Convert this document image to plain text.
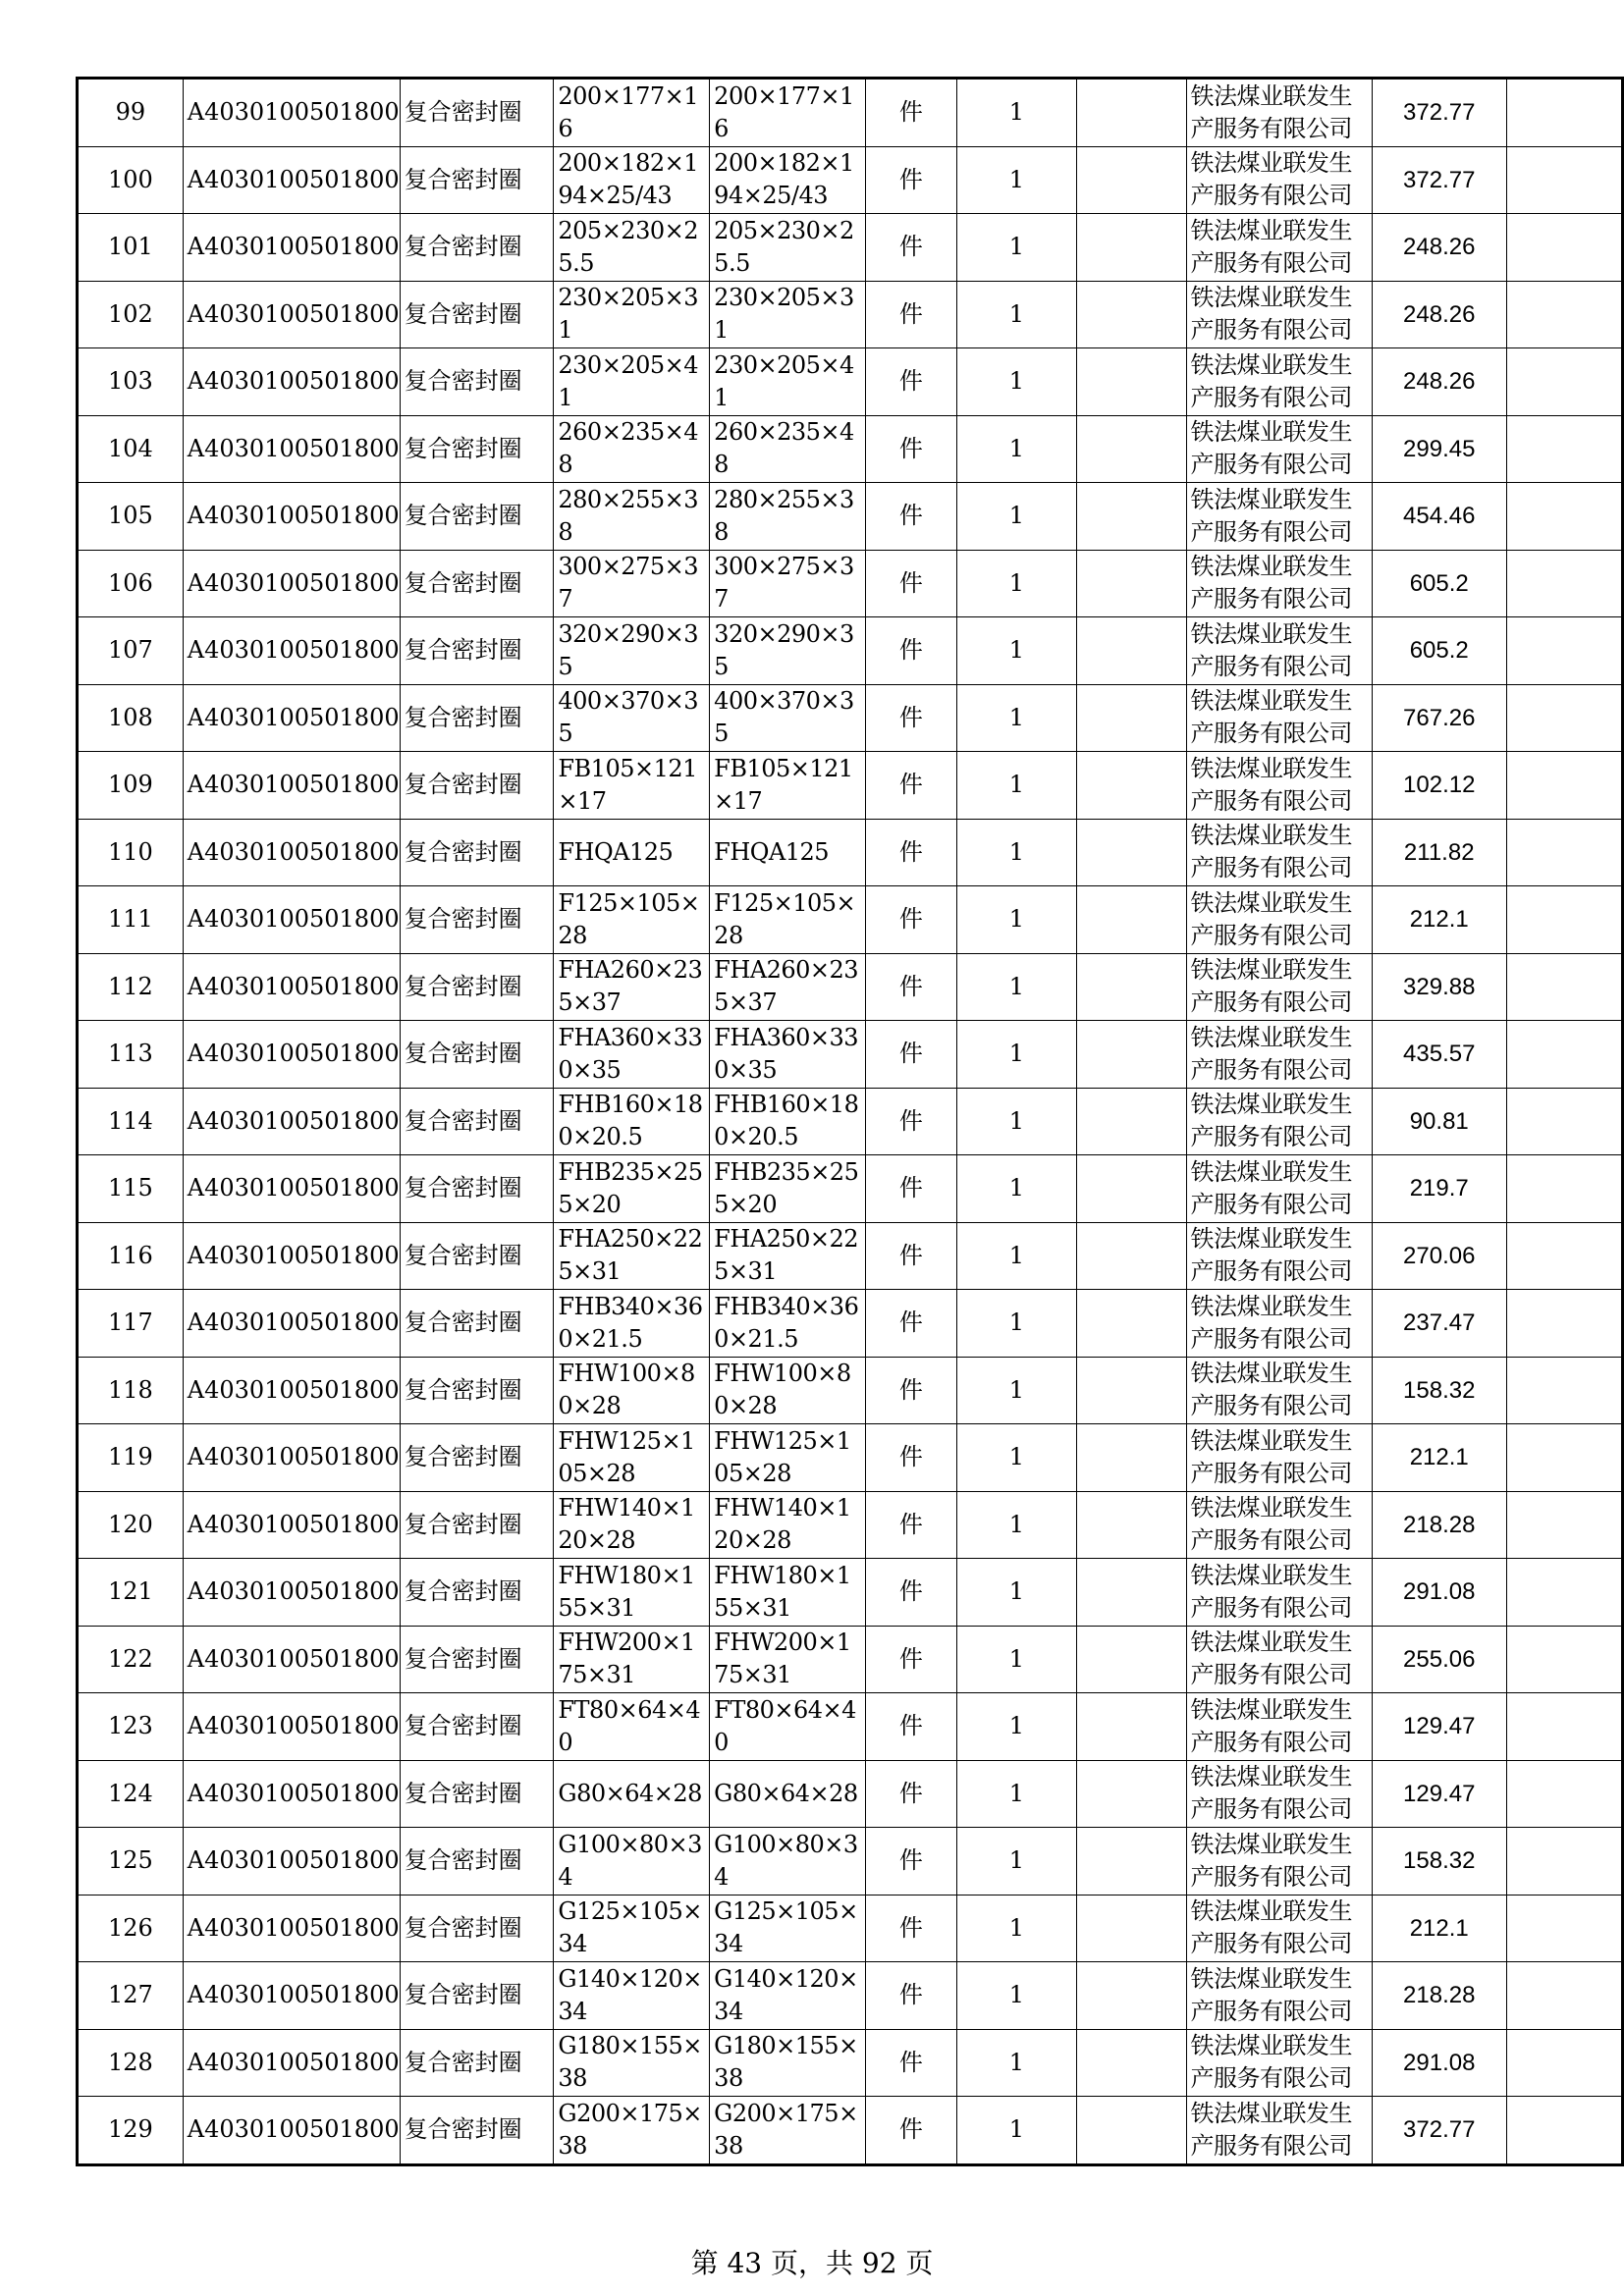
99	A4030100501800	复合密封圈	200×177×16	200×177×16	件	1		铁法煤业联发生产服务有限公司	372.77	
100	A4030100501800	复合密封圈	200×182×194×25/43	200×182×194×25/43	件	1		铁法煤业联发生产服务有限公司	372.77	
101	A4030100501800	复合密封圈	205×230×25.5	205×230×25.5	件	1		铁法煤业联发生产服务有限公司	248.26	
102	A4030100501800	复合密封圈	230×205×31	230×205×31	件	1		铁法煤业联发生产服务有限公司	248.26	
103	A4030100501800	复合密封圈	230×205×41	230×205×41	件	1		铁法煤业联发生产服务有限公司	248.26	
104	A4030100501800	复合密封圈	260×235×48	260×235×48	件	1		铁法煤业联发生产服务有限公司	299.45	
105	A4030100501800	复合密封圈	280×255×38	280×255×38	件	1		铁法煤业联发生产服务有限公司	454.46	
106	A4030100501800	复合密封圈	300×275×37	300×275×37	件	1		铁法煤业联发生产服务有限公司	605.2	
107	A4030100501800	复合密封圈	320×290×35	320×290×35	件	1		铁法煤业联发生产服务有限公司	605.2	
108	A4030100501800	复合密封圈	400×370×35	400×370×35	件	1		铁法煤业联发生产服务有限公司	767.26	
109	A4030100501800	复合密封圈	FB105×121×17	FB105×121×17	件	1		铁法煤业联发生产服务有限公司	102.12	
110	A4030100501800	复合密封圈	FHQA125	FHQA125	件	1		铁法煤业联发生产服务有限公司	211.82	
111	A4030100501800	复合密封圈	F125×105×28	F125×105×28	件	1		铁法煤业联发生产服务有限公司	212.1	
112	A4030100501800	复合密封圈	FHA260×235×37	FHA260×235×37	件	1		铁法煤业联发生产服务有限公司	329.88	
113	A4030100501800	复合密封圈	FHA360×330×35	FHA360×330×35	件	1		铁法煤业联发生产服务有限公司	435.57	
114	A4030100501800	复合密封圈	FHB160×180×20.5	FHB160×180×20.5	件	1		铁法煤业联发生产服务有限公司	90.81	
115	A4030100501800	复合密封圈	FHB235×255×20	FHB235×255×20	件	1		铁法煤业联发生产服务有限公司	219.7	
116	A4030100501800	复合密封圈	FHA250×225×31	FHA250×225×31	件	1		铁法煤业联发生产服务有限公司	270.06	
117	A4030100501800	复合密封圈	FHB340×360×21.5	FHB340×360×21.5	件	1		铁法煤业联发生产服务有限公司	237.47	
118	A4030100501800	复合密封圈	FHW100×80×28	FHW100×80×28	件	1		铁法煤业联发生产服务有限公司	158.32	
119	A4030100501800	复合密封圈	FHW125×105×28	FHW125×105×28	件	1		铁法煤业联发生产服务有限公司	212.1	
120	A4030100501800	复合密封圈	FHW140×120×28	FHW140×120×28	件	1		铁法煤业联发生产服务有限公司	218.28	
121	A4030100501800	复合密封圈	FHW180×155×31	FHW180×155×31	件	1		铁法煤业联发生产服务有限公司	291.08	
122	A4030100501800	复合密封圈	FHW200×175×31	FHW200×175×31	件	1		铁法煤业联发生产服务有限公司	255.06	
123	A4030100501800	复合密封圈	FT80×64×40	FT80×64×40	件	1		铁法煤业联发生产服务有限公司	129.47	
124	A4030100501800	复合密封圈	G80×64×28	G80×64×28	件	1		铁法煤业联发生产服务有限公司	129.47	
125	A4030100501800	复合密封圈	G100×80×34	G100×80×34	件	1		铁法煤业联发生产服务有限公司	158.32	
126	A4030100501800	复合密封圈	G125×105×34	G125×105×34	件	1		铁法煤业联发生产服务有限公司	212.1	
127	A4030100501800	复合密封圈	G140×120×34	G140×120×34	件	1		铁法煤业联发生产服务有限公司	218.28	
128	A4030100501800	复合密封圈	G180×155×38	G180×155×38	件	1		铁法煤业联发生产服务有限公司	291.08	
129	A4030100501800	复合密封圈	G200×175×38	G200×175×38	件	1		铁法煤业联发生产服务有限公司	372.77	
第 43 页，共 92 页
